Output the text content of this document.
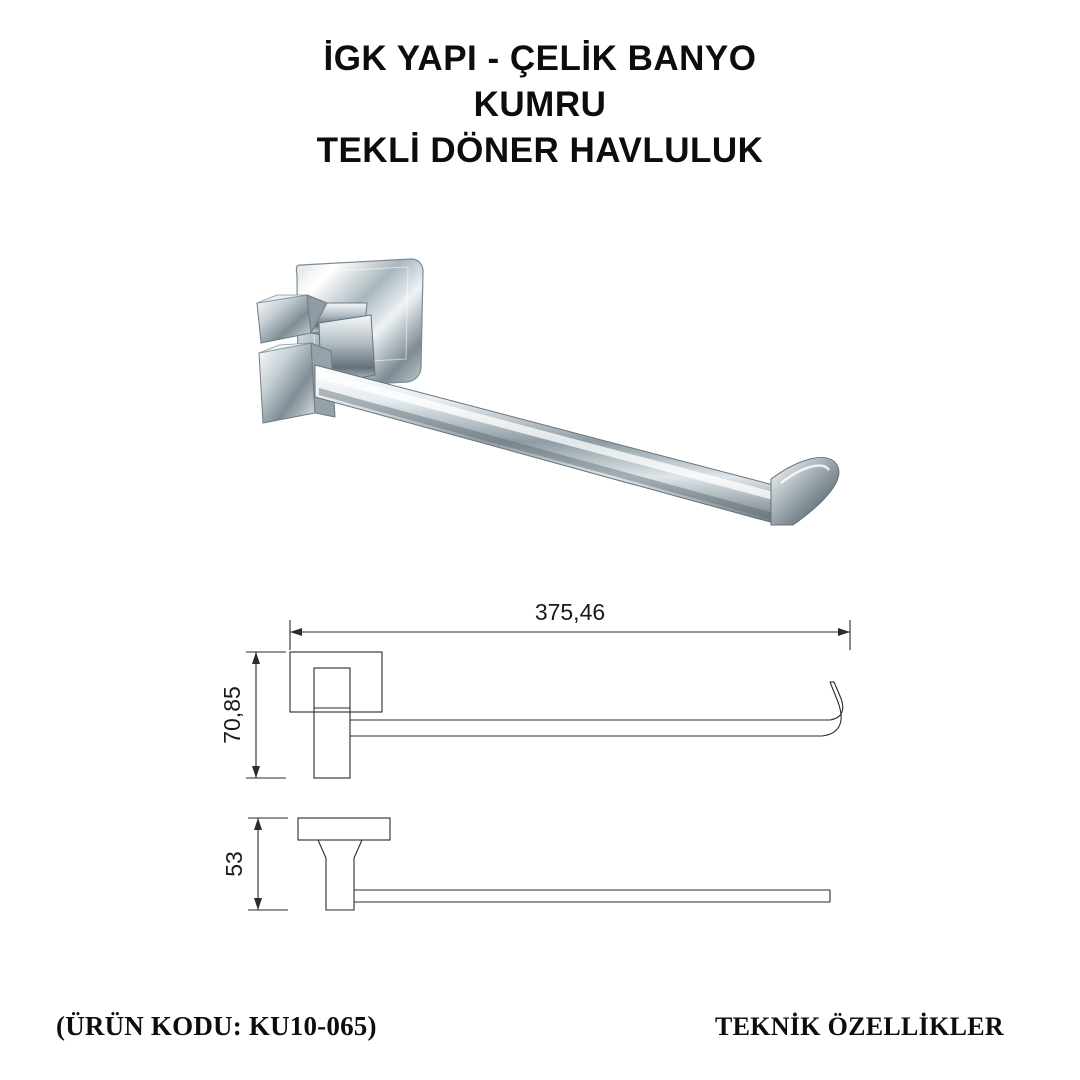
İGK YAPI - ÇELİK BANYO
KUMRU
TEKLİ DÖNER HAVLULUK
375,46
70,85
53
(ÜRÜN KODU: KU10-065)	TEKNİK ÖZELLİKLER
